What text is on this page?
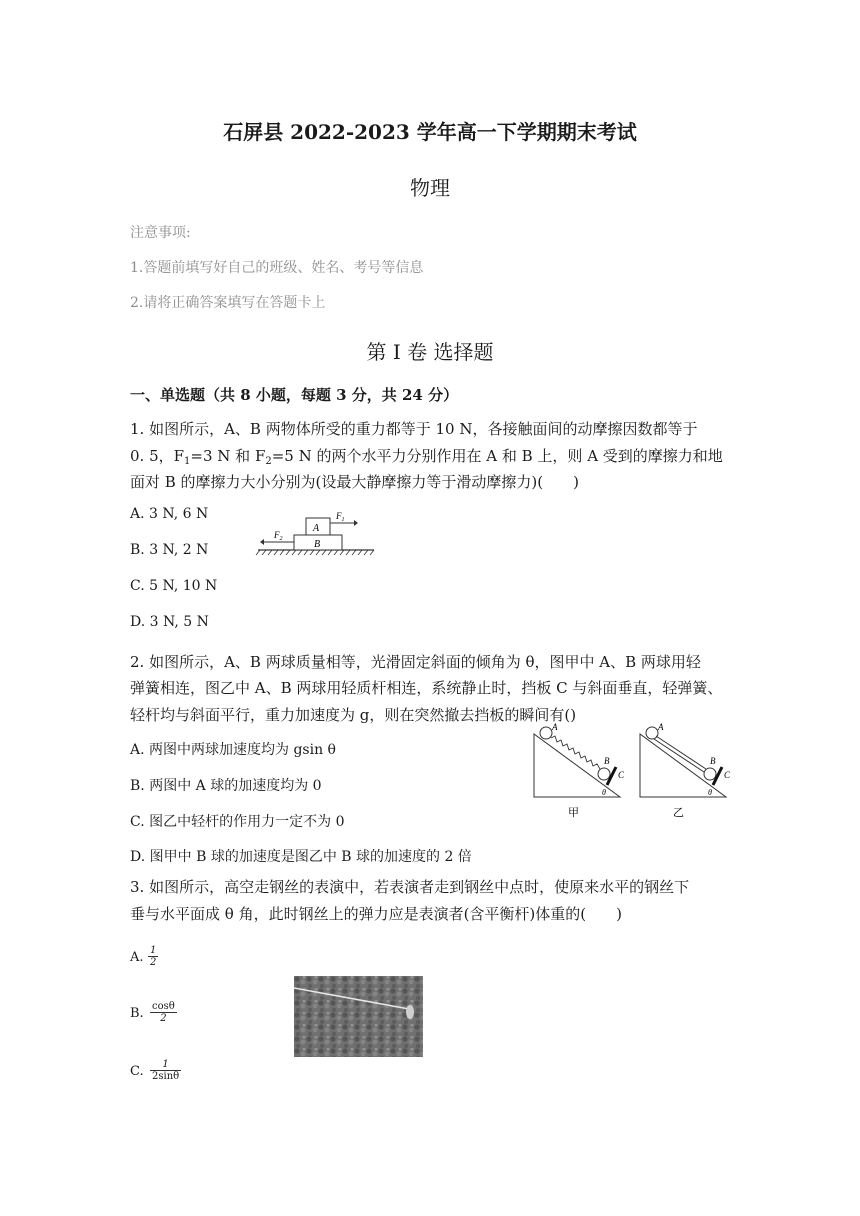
石屏县 2022-2023 学年高一下学期期末考试
物理
注意事项:
1.答题前填写好自己的班级、姓名、考号等信息
2.请将正确答案填写在答题卡上
第 I 卷 选择题
一、单选题（共 8 小题，每题 3 分，共 24 分）
1. 如图所示，A、B 两物体所受的重力都等于 10 N，各接触面间的动摩擦因数都等于
0. 5，$F_1=3$ N 和 $F_2=5$ N 的两个水平力分别作用在 A 和 B 上，则 A 受到的摩擦力和地
面对 B 的摩擦力大小分别为(设最大静摩擦力等于滑动摩擦力)(　　)
A. 3 N, 6 N
B. 3 N, 2 N
C. 5 N, 10 N
D. 3 N, 5 N
B
A
$F_1$
$F_2$
2. 如图所示，A、B 两球质量相等，光滑固定斜面的倾角为 θ，图甲中 A、B 两球用轻
弹簧相连，图乙中 A、B 两球用轻质杆相连，系统静止时，挡板 C 与斜面垂直，轻弹簧、
轻杆均与斜面平行，重力加速度为 g，则在突然撤去挡板的瞬间有()
A. 两图中两球加速度均为 gsin θ
B. 两图中 A 球的加速度均为 0
C. 图乙中轻杆的作用力一定不为 0
D. 图甲中 B 球的加速度是图乙中 B 球的加速度的 2 倍
A
B
C
θ
甲
A
B
C
θ
乙
3. 如图所示，高空走钢丝的表演中，若表演者走到钢丝中点时，使原来水平的钢丝下
垂与水平面成 θ 角，此时钢丝上的弹力应是表演者(含平衡杆)体重的(　　)
A. $\frac{1}{2}$
B. $\frac{\cos\theta}{2}$
C. $\frac{1}{2\sin\theta}$
